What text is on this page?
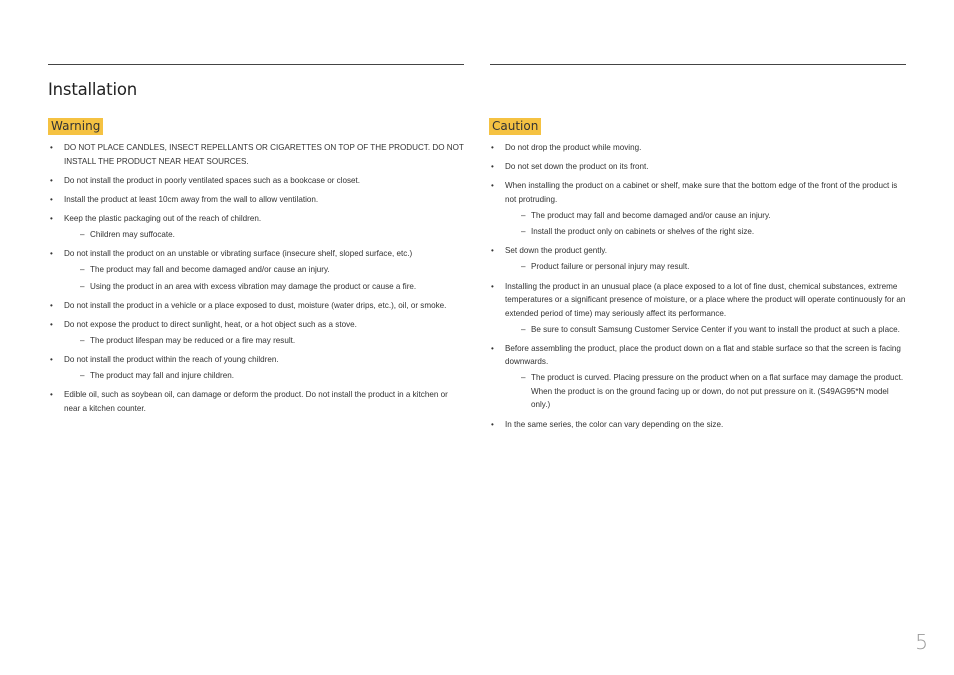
Installation
Warning	Caution
• DO NOT PLACE CANDLES, INSECT REPELLANTS OR CIGARETTES ON TOP OF THE PRODUCT. DO NOT INSTALL THE PRODUCT NEAR HEAT SOURCES.
• Do not install the product in poorly ventilated spaces such as a bookcase or closet.
• Install the product at least 10cm away from the wall to allow ventilation.
• Keep the plastic packaging out of the reach of children.
– Children may suffocate.
• Do not install the product on an unstable or vibrating surface (insecure shelf, sloped surface, etc.)
– The product may fall and become damaged and/or cause an injury.
– Using the product in an area with excess vibration may damage the product or cause a fire.
• Do not install the product in a vehicle or a place exposed to dust, moisture (water drips, etc.), oil, or smoke.
• Do not expose the product to direct sunlight, heat, or a hot object such as a stove.
– The product lifespan may be reduced or a fire may result.
• Do not install the product within the reach of young children.
– The product may fall and injure children.
• Edible oil, such as soybean oil, can damage or deform the product. Do not install the product in a kitchen or near a kitchen counter.
• Do not drop the product while moving.
• Do not set down the product on its front.
• When installing the product on a cabinet or shelf, make sure that the bottom edge of the front of the product is not protruding.
– The product may fall and become damaged and/or cause an injury.
– Install the product only on cabinets or shelves of the right size.
• Set down the product gently.
– Product failure or personal injury may result.
• Installing the product in an unusual place (a place exposed to a lot of fine dust, chemical substances, extreme temperatures or a significant presence of moisture, or a place where the product will operate continuously for an extended period of time) may seriously affect its performance.
– Be sure to consult Samsung Customer Service Center if you want to install the product at such a place.
• Before assembling the product, place the product down on a flat and stable surface so that the screen is facing downwards.
– The product is curved. Placing pressure on the product when on a flat surface may damage the product. When the product is on the ground facing up or down, do not put pressure on it. (S49AG95*N model only.)
• In the same series, the color can vary depending on the size.
5
